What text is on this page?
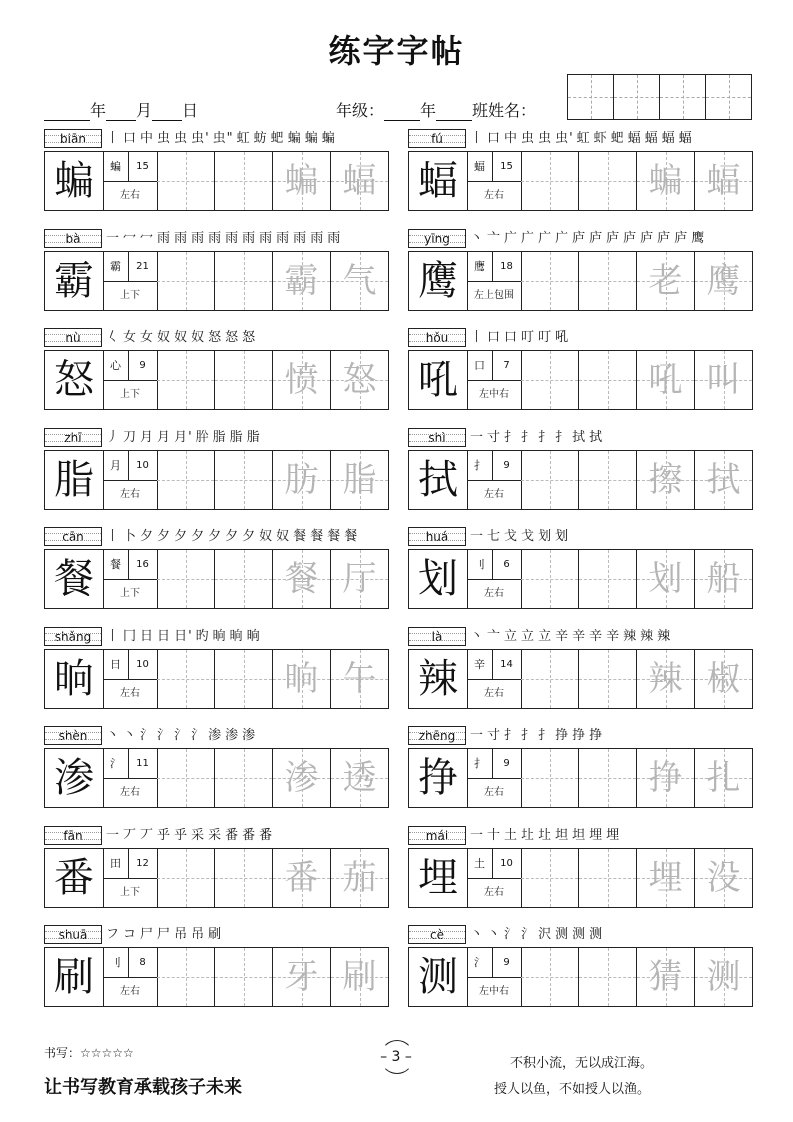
练字字帖
年 月 日	年级： 年 班姓名：
biān	丨 口 中 虫 虫 虫' 虫" 虹 蚄 蚆 蝙 蝙 蝙
蝙	蝙	15
左右	蝙 蝠
fú	丨 口 中 虫 虫 虫' 虹 虾 蚆 蝠 蝠 蝠 蝠
蝠	蝠	15
左右	蝙 蝠
bà	一 冖 冖 雨 雨 雨 雨 雨 雨 雨 雨 雨 雨 雨
霸	霸	21
上下	霸 气
yīng	丶 亠 广 广 广 广 庐 庐 庐 庐 庐 庐 庐 鹰
鹰	鹰	18
左上包围	老 鹰
nù	𡿨 女 女 奴 奴 奴 怒 怒 怒
怒	心	9
上下	愤 怒
hǒu	丨 口 口 叮 叮 吼
吼	口	7
左中右	吼 叫
zhī	丿 刀 月 月 月' 肸 脂 脂 脂
脂	月	10
左右	肪 脂
shì	一 寸 扌 扌 扌 扌 拭 拭
拭	扌	9
左右	擦 拭
cān	丨 卜 夕 夕 夕 夕 夕 夕 夕 奴 奴 餐 餐 餐 餐
餐	餐	16
上下	餐 厅
huá	一 七 戈 戈 划 划
划	刂	6
左右	划 船
shǎng	丨 冂 日 日 日' 旳 晌 晌 晌
晌	日	10
左右	晌 午
là	丶 亠 立 立 立 辛 辛 辛 辛 辣 辣 辣
辣	辛	14
左右	辣 椒
shèn	丶 丶 氵 氵 氵 氵 渗 渗 渗
渗	氵	11
左右	渗 透
zhēng	一 寸 扌 扌 扌 挣 挣 挣
挣	扌	9
左右	挣 扎
fān	一 丆 丆 乎 乎 采 采 番 番 番
番	田	12
上下	番 茄
mái	一 十 土 圵 圵 坦 坦 埋 埋
埋	土	10
左右	埋 没
shuā	フ コ 尸 尸 吊 吊 刷
刷	刂	8
左右	牙 刷
cè	丶 丶 氵 氵 沢 测 测 测
测	氵	9
左中右	猜 测
书写：☆☆☆☆☆
让书写教育承载孩子未来
– 3 –	不积小流，无以成江海。
授人以鱼，不如授人以渔。
